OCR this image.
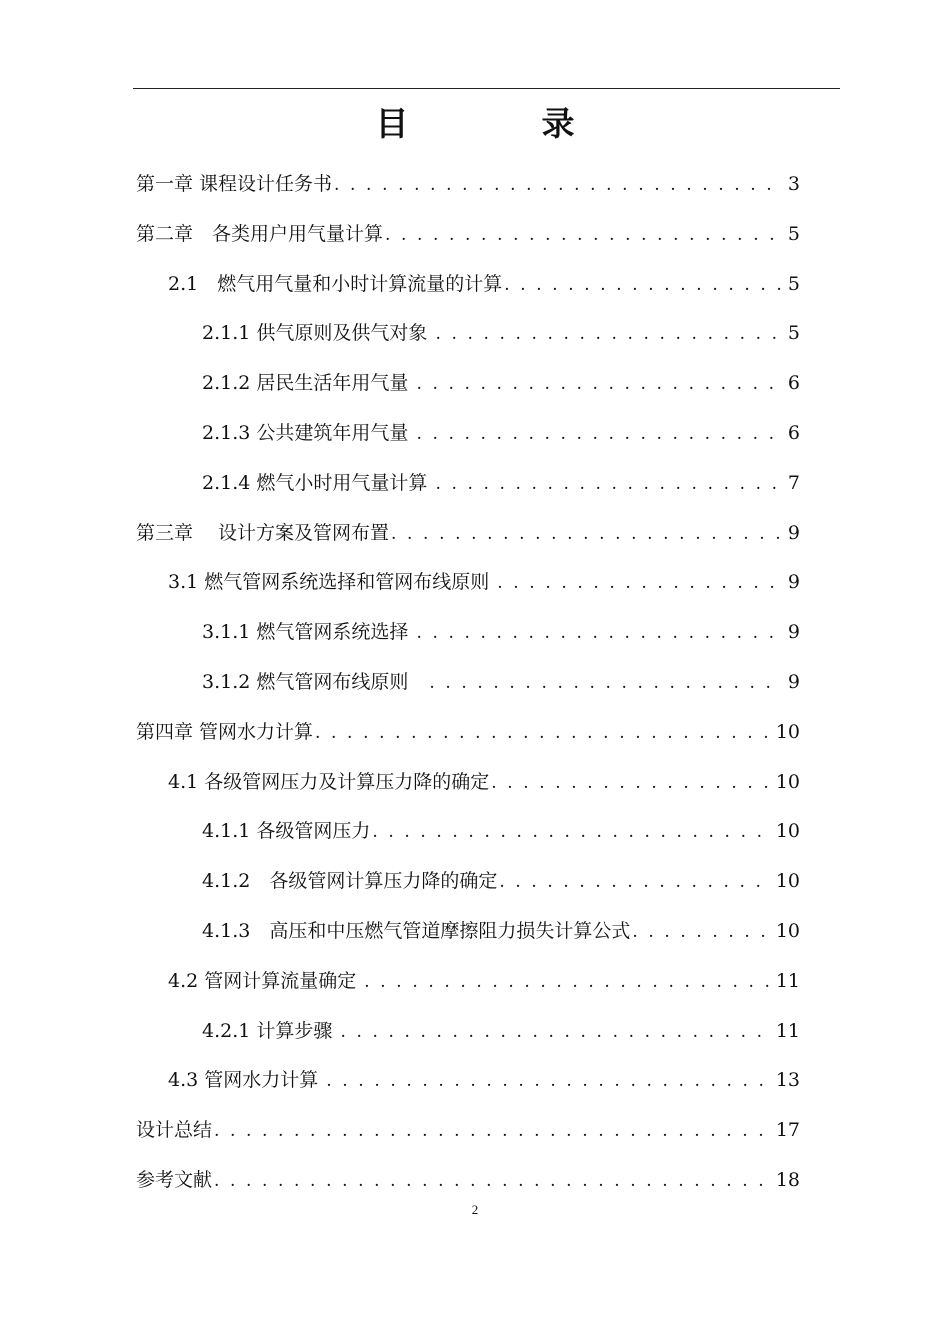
目　录
第一章 课程设计任务书 . . .	3
第二章　各类用户用气量计算 . . .	5
2.1　燃气用气量和小时计算流量的计算 . . .	5
2.1.1 供气原则及供气对象 . . .	5
2.1.2 居民生活年用气量 . . .	6
2.1.3 公共建筑年用气量 . . .	6
2.1.4 燃气小时用气量计算 . . .	7
第三章　 设计方案及管网布置 . . .	9
3.1 燃气管网系统选择和管网布线原则 . . .	9
3.1.1 燃气管网系统选择 . . .	9
3.1.2 燃气管网布线原则　 . . .	9
第四章 管网水力计算 . . .	10
4.1 各级管网压力及计算压力降的确定 . . .	10
4.1.1 各级管网压力 . . .	10
4.1.2　各级管网计算压力降的确定 . . .	10
4.1.3　高压和中压燃气管道摩擦阻力损失计算公式 . . .	10
4.2 管网计算流量确定 . . .	11
4.2.1 计算步骤 . . .	11
4.3 管网水力计算 . . .	13
设计总结 . . .	17
参考文献 . . .	18
2
